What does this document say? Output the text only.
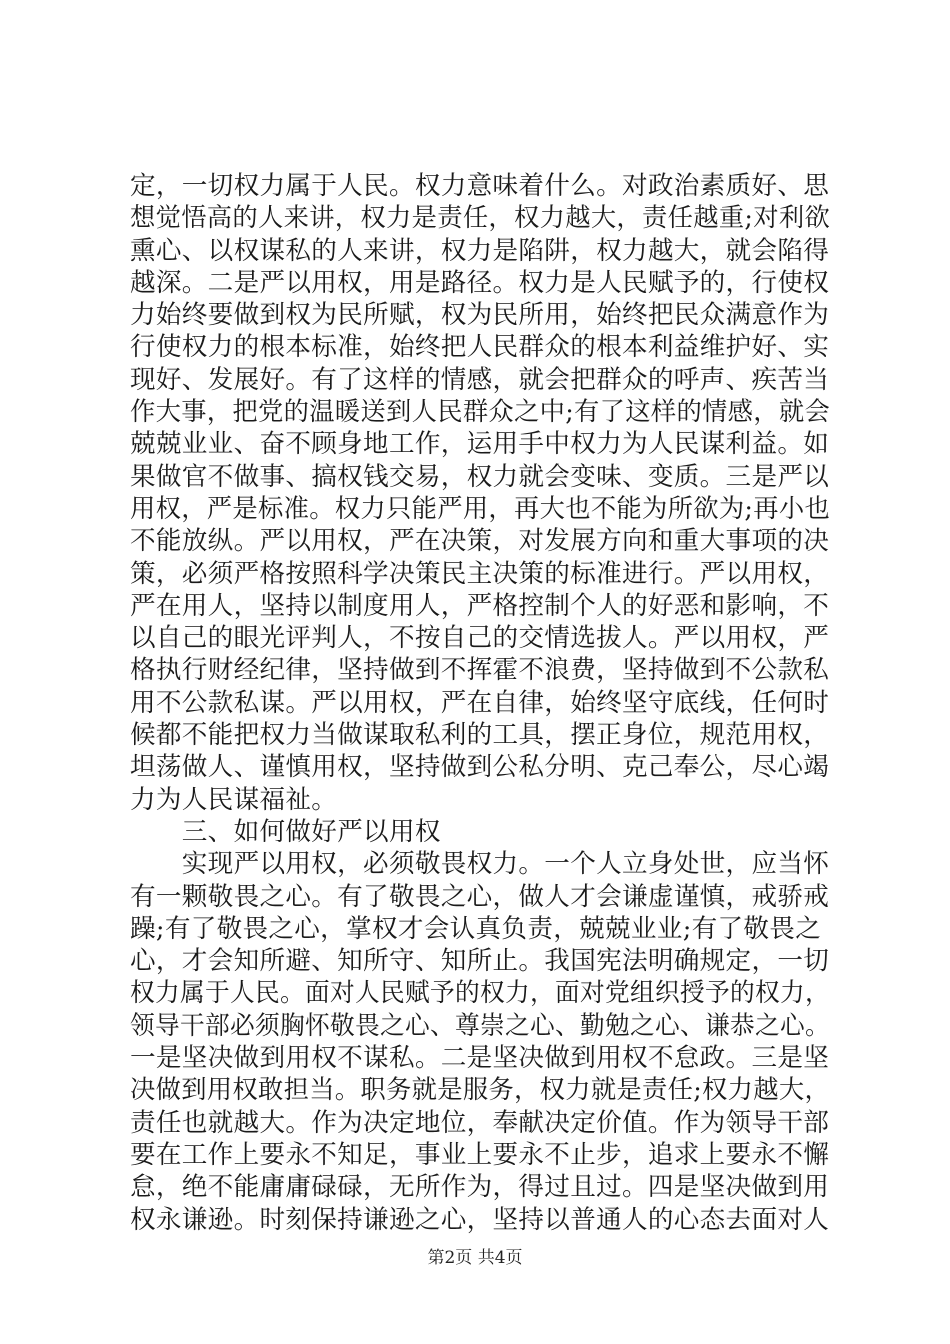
定，一切权力属于人民。权力意味着什么。对政治素质好、思
想觉悟高的人来讲，权力是责任，权力越大，责任越重;对利欲
熏心、以权谋私的人来讲，权力是陷阱，权力越大，就会陷得
越深。二是严以用权，用是路径。权力是人民赋予的，行使权
力始终要做到权为民所赋，权为民所用，始终把民众满意作为
行使权力的根本标准，始终把人民群众的根本利益维护好、实
现好、发展好。有了这样的情感，就会把群众的呼声、疾苦当
作大事，把党的温暖送到人民群众之中;有了这样的情感，就会
兢兢业业、奋不顾身地工作，运用手中权力为人民谋利益。如
果做官不做事、搞权钱交易，权力就会变味、变质。三是严以
用权，严是标准。权力只能严用，再大也不能为所欲为;再小也
不能放纵。严以用权，严在决策，对发展方向和重大事项的决
策，必须严格按照科学决策民主决策的标准进行。严以用权，
严在用人，坚持以制度用人，严格控制个人的好恶和影响，不
以自己的眼光评判人，不按自己的交情选拔人。严以用权，严
格执行财经纪律，坚持做到不挥霍不浪费，坚持做到不公款私
用不公款私谋。严以用权，严在自律，始终坚守底线，任何时
候都不能把权力当做谋取私利的工具，摆正身位，规范用权，
坦荡做人、谨慎用权，坚持做到公私分明、克己奉公，尽心竭
力为人民谋福祉。
　　三、如何做好严以用权
　　实现严以用权，必须敬畏权力。一个人立身处世，应当怀
有一颗敬畏之心。有了敬畏之心，做人才会谦虚谨慎，戒骄戒
躁;有了敬畏之心，掌权才会认真负责，兢兢业业;有了敬畏之
心，才会知所避、知所守、知所止。我国宪法明确规定，一切
权力属于人民。面对人民赋予的权力，面对党组织授予的权力，
领导干部必须胸怀敬畏之心、尊崇之心、勤勉之心、谦恭之心。
一是坚决做到用权不谋私。二是坚决做到用权不怠政。三是坚
决做到用权敢担当。职务就是服务，权力就是责任;权力越大，
责任也就越大。作为决定地位，奉献决定价值。作为领导干部
要在工作上要永不知足，事业上要永不止步，追求上要永不懈
怠，绝不能庸庸碌碌，无所作为，得过且过。四是坚决做到用
权永谦逊。时刻保持谦逊之心，坚持以普通人的心态去面对人
第2页 共4页
